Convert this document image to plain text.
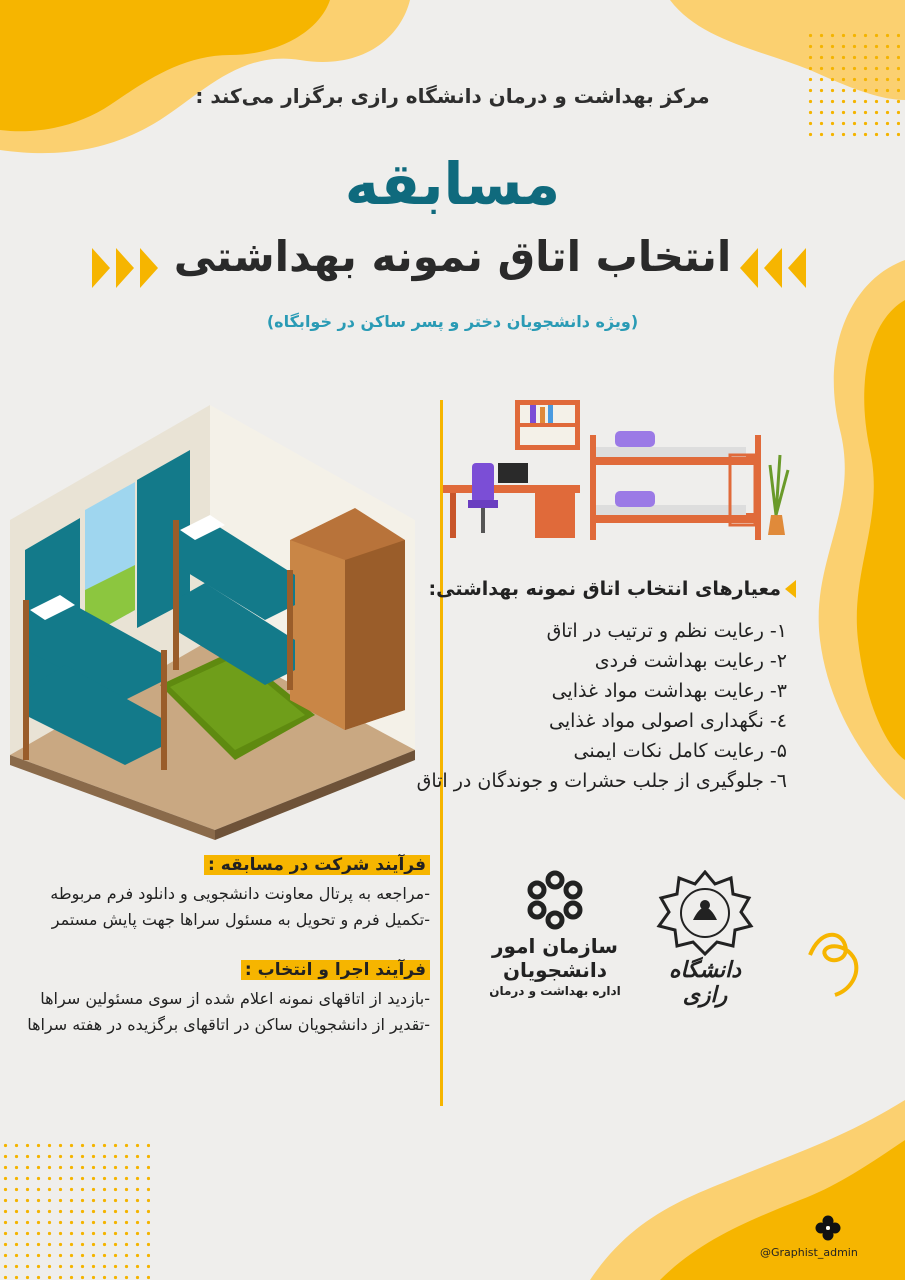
مرکز بهداشت و درمان دانشگاه رازی برگزار می‌کند :
مسابقه
انتخاب اتاق نمونه بهداشتی
(ویژه دانشجویان دختر و پسر ساکن در خوابگاه)
معیارهای انتخاب اتاق نمونه بهداشتی:
۱- رعایت نظم و ترتیب در اتاق
۲- رعایت بهداشت فردی
۳- رعایت بهداشت مواد غذایی
٤- نگهداری اصولی مواد غذایی
۵- رعایت کامل نکات ایمنی
٦- جلوگیری از جلب حشرات و جوندگان در اتاق
فرآیند شرکت در مسابقه :
-مراجعه به پرتال معاونت دانشجویی و دانلود فرم مربوطه
-تکمیل فرم و تحویل به مسئول سراها جهت پایش مستمر
فرآیند اجرا و انتخاب :
-بازدید از اتاقهای نمونه اعلام شده از سوی مسئولین سراها
-تقدیر از دانشجویان ساکن در اتاقهای برگزیده در هفته سراها
سازمان امور
دانشجویان
اداره بهداشت و درمان
دانشگاه رازی
@Graphist_admin
